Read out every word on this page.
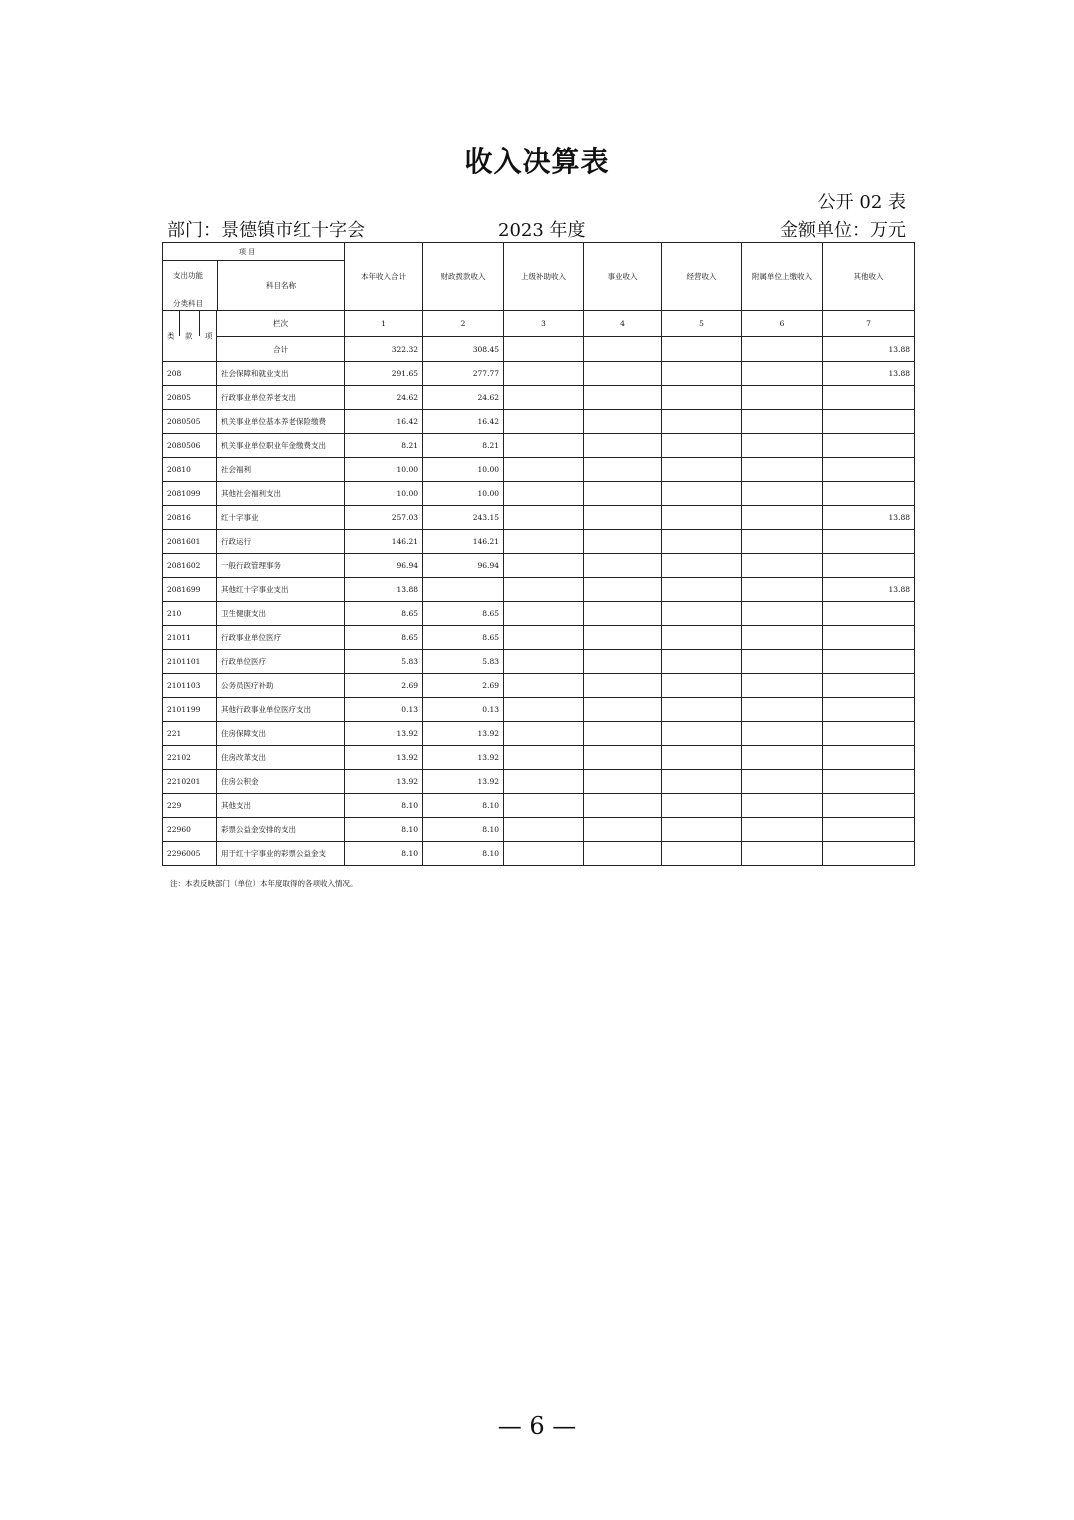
收入决算表
公开 02 表
部门：景德镇市红十字会	2023 年度	金额单位：万元
项 目
支出功能
分类科目
科目名称		本年收入合计	财政拨款收入	上级补助收入	事业收入	经营收入	附属单位上缴收入	其他收入

类 款 项	栏次	1	2	3	4	5	6	7
	合计	322.32	308.45					13.88
208	社会保障和就业支出	291.65	277.77					13.88
20805	行政事业单位养老支出	24.62	24.62					
2080505	机关事业单位基本养老保险缴费	16.42	16.42					
2080506	机关事业单位职业年金缴费支出	8.21	8.21					
20810	社会福利	10.00	10.00					
2081099	其他社会福利支出	10.00	10.00					
20816	红十字事业	257.03	243.15					13.88
2081601	行政运行	146.21	146.21					
2081602	一般行政管理事务	96.94	96.94					
2081699	其他红十字事业支出	13.88						13.88
210	卫生健康支出	8.65	8.65					
21011	行政事业单位医疗	8.65	8.65					
2101101	行政单位医疗	5.83	5.83					
2101103	公务员医疗补助	2.69	2.69					
2101199	其他行政事业单位医疗支出	0.13	0.13					
221	住房保障支出	13.92	13.92					
22102	住房改革支出	13.92	13.92					
2210201	住房公积金	13.92	13.92					
229	其他支出	8.10	8.10					
22960	彩票公益金安排的支出	8.10	8.10					
2296005	用于红十字事业的彩票公益金支	8.10	8.10					
注：本表反映部门（单位）本年度取得的各项收入情况。
— 6 —
